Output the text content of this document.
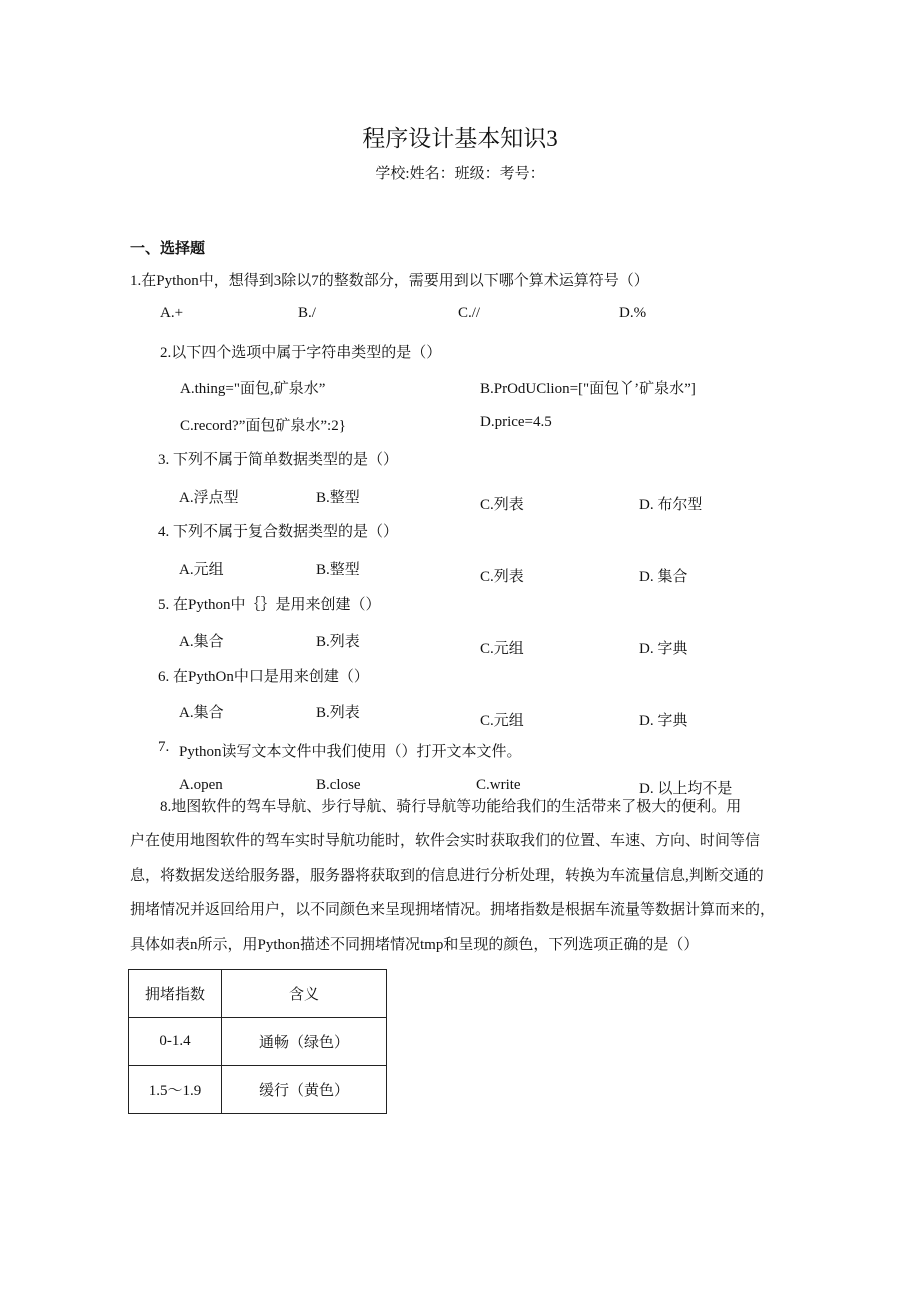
程序设计基本知识3
学校:姓名：班级：考号：
一、选择题
1.在Python中，想得到3除以7的整数部分，需要用到以下哪个算术运算符号（）
A.+	B./	C.//	D.%
2.以下四个选项中属于字符串类型的是（）
A.thing="面包,矿泉水”	B.PrOdUClion=["面包丫’矿泉水”]
C.record?”面包矿泉水”:2}	D.price=4.5
3. 下列不属于简单数据类型的是（）
A.浮点型	B.整型	C.列表	D. 布尔型
4. 下列不属于复合数据类型的是（）
A.元组	B.整型	C.列表	D. 集合
5. 在Python中｛｝是用来创建（）
A.集合	B.列表	C.元组	D. 字典
6. 在PythOn中口是用来创建（）
A.集合	B.列表	C.元组	D. 字典
7. Python读写文本文件中我们使用（）打开文本文件。
A.open	B.close	C.write	D. 以上均不是
8.地图软件的驾车导航、步行导航、骑行导航等功能给我们的生活带来了极大的便利。用
户在使用地图软件的驾车实时导航功能时，软件会实时获取我们的位置、车速、方向、时间等信
息，将数据发送给服务器，服务器将获取到的信息进行分析处理，转换为车流量信息,判断交通的
拥堵情况并返回给用户，以不同颜色来呈现拥堵情况。拥堵指数是根据车流量等数据计算而来的，
具体如表n所示，用Python描述不同拥堵情况tmp和呈现的颜色，下列选项正确的是（）
拥堵指数	含义
0-1.4	通畅（绿色）
1.5～1.9	缓行（黄色）
